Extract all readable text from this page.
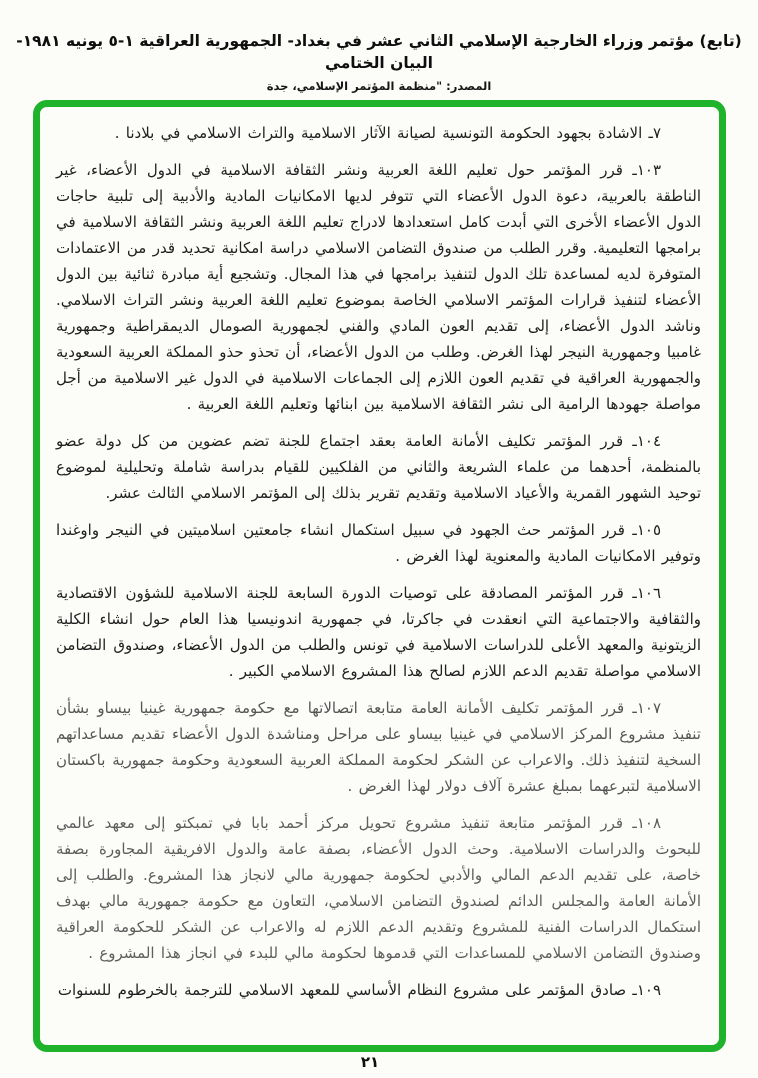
(تابع) مؤتمر وزراء الخارجية الإسلامي الثاني عشر في بغداد- الجمهورية العراقية ١-٥ يونيه ١٩٨١- البيان الختامي
المصدر: "منظمة المؤتمر الإسلامي، جدة

٧ـ الاشادة بجهود الحكومة التونسية لصيانة الآثار الاسلامية والتراث الاسلامي في بلادنا .

١٠٣ـ قرر المؤتمر حول تعليم اللغة العربية ونشر الثقافة الاسلامية في الدول الأعضاء، غير الناطقة بالعربية، دعوة الدول الأعضاء التي تتوفر لديها الامكانيات المادية والأدبية إلى تلبية حاجات الدول الأعضاء الأخرى التي أبدت كامل استعدادها لادراج تعليم اللغة العربية ونشر الثقافة الاسلامية في برامجها التعليمية. وقرر الطلب من صندوق التضامن الاسلامي دراسة امكانية تحديد قدر من الاعتمادات المتوفرة لديه لمساعدة تلك الدول لتنفيذ برامجها في هذا المجال. وتشجيع أية مبادرة ثنائية بين الدول الأعضاء لتنفيذ قرارات المؤتمر الاسلامي الخاصة بموضوع تعليم اللغة العربية ونشر التراث الاسلامي. وناشد الدول الأعضاء، إلى تقديم العون المادي والفني لجمهورية الصومال الديمقراطية وجمهورية غامبيا وجمهورية النيجر لهذا الغرض. وطلب من الدول الأعضاء، أن تحذو حذو المملكة العربية السعودية والجمهورية العراقية في تقديم العون اللازم إلى الجماعات الاسلامية في الدول غير الاسلامية من أجل مواصلة جهودها الرامية الى نشر الثقافة الاسلامية بين ابنائها وتعليم اللغة العربية .

١٠٤ـ قرر المؤتمر تكليف الأمانة العامة بعقد اجتماع للجنة تضم عضوين من كل دولة عضو بالمنظمة، أحدهما من علماء الشريعة والثاني من الفلكيين للقيام بدراسة شاملة وتحليلية لموضوع توحيد الشهور القمرية والأعياد الاسلامية وتقديم تقرير بذلك إلى المؤتمر الاسلامي الثالث عشر.

١٠٥ـ قرر المؤتمر حث الجهود في سبيل استكمال انشاء جامعتين اسلاميتين في النيجر واوغندا وتوفير الامكانيات المادية والمعنوية لهذا الغرض .

١٠٦ـ قرر المؤتمر المصادقة على توصيات الدورة السابعة للجنة الاسلامية للشؤون الاقتصادية والثقافية والاجتماعية التي انعقدت في جاكرتا، في جمهورية اندونيسيا هذا العام حول انشاء الكلية الزيتونية والمعهد الأعلى للدراسات الاسلامية في تونس والطلب من الدول الأعضاء، وصندوق التضامن الاسلامي مواصلة تقديم الدعم اللازم لصالح هذا المشروع الاسلامي الكبير .

١٠٧ـ قرر المؤتمر تكليف الأمانة العامة متابعة اتصالاتها مع حكومة جمهورية غينيا بيساو بشأن تنفيذ مشروع المركز الاسلامي في غينيا بيساو على مراحل ومناشدة الدول الأعضاء تقديم مساعداتهم السخية لتنفيذ ذلك. والاعراب عن الشكر لحكومة المملكة العربية السعودية وحكومة جمهورية باكستان الاسلامية لتبرعهما بمبلغ عشرة آلاف دولار لهذا الغرض .

١٠٨ـ قرر المؤتمر متابعة تنفيذ مشروع تحويل مركز أحمد بابا في تمبكتو إلى معهد عالمي للبحوث والدراسات الاسلامية. وحث الدول الأعضاء، بصفة عامة والدول الافريقية المجاورة بصفة خاصة، على تقديم الدعم المالي والأدبي لحكومة جمهورية مالي لانجاز هذا المشروع. والطلب إلى الأمانة العامة والمجلس الدائم لصندوق التضامن الاسلامي، التعاون مع حكومة جمهورية مالي بهدف استكمال الدراسات الفنية للمشروع وتقديم الدعم اللازم له والاعراب عن الشكر للحكومة العراقية وصندوق التضامن الاسلامي للمساعدات التي قدموها لحكومة مالي للبدء في انجاز هذا المشروع .

١٠٩ـ صادق المؤتمر على مشروع النظام الأساسي للمعهد الاسلامي للترجمة بالخرطوم للسنوات

٢١
